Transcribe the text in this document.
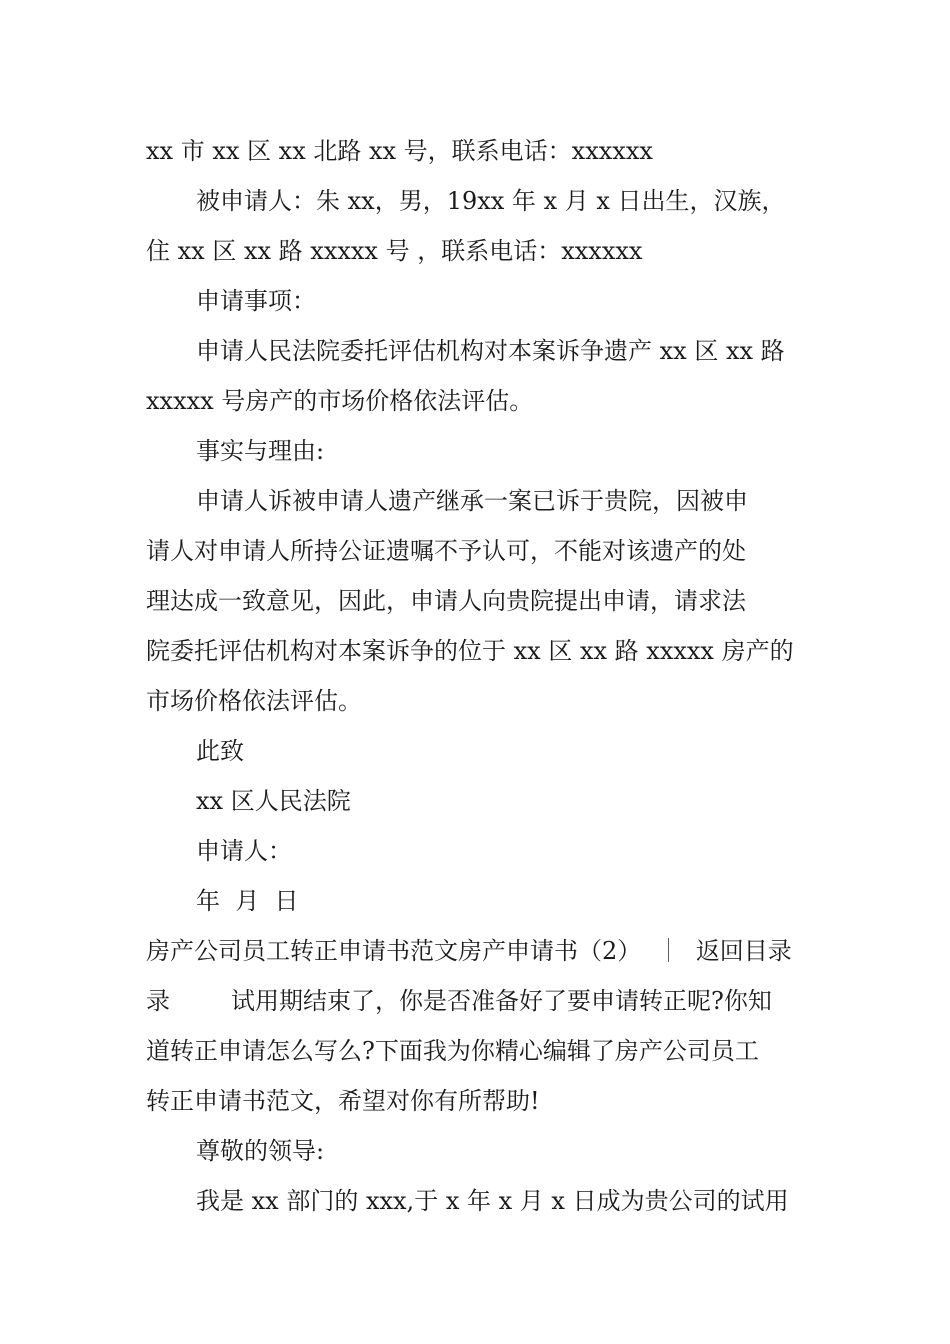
xx 市 xx 区 xx 北路 xx 号，联系电话：xxxxxx
被申请人：朱 xx，男，19xx 年 x 月 x 日出生，汉族，
住 xx 区 xx 路 xxxxx 号 ，联系电话：xxxxxx
申请事项：
申请人民法院委托评估机构对本案诉争遗产 xx 区 xx 路
xxxxx 号房产的市场价格依法评估。
事实与理由:
申请人诉被申请人遗产继承一案已诉于贵院，因被申
请人对申请人所持公证遗嘱不予认可，不能对该遗产的处
理达成一致意见，因此，申请人向贵院提出申请，请求法
院委托评估机构对本案诉争的位于 xx 区 xx 路 xxxxx 房产的
市场价格依法评估。
此致
xx 区人民法院
申请人：
年  月  日
房产公司员工转正申请书范文房产申请书（2） ｜ 返回目录
录        试用期结束了，你是否准备好了要申请转正呢?你知
道转正申请怎么写么?下面我为你精心编辑了房产公司员工
转正申请书范文，希望对你有所帮助!
尊敬的领导:
我是 xx 部门的 xxx,于 x 年 x 月 x 日成为贵公司的试用
